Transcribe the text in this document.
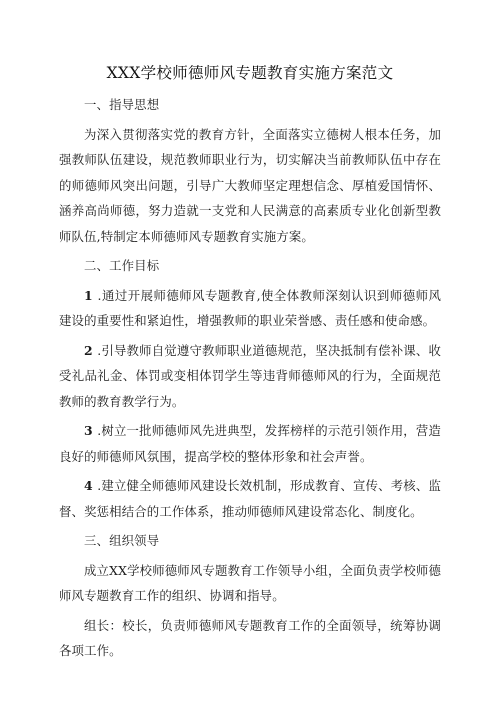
XXX学校师德师风专题教育实施方案范文
一、指导思想

为深入贯彻落实党的教育方针，全面落实立德树人根本任务，加强教师队伍建设，规范教师职业行为，切实解决当前教师队伍中存在的师德师风突出问题，引导广大教师坚定理想信念、厚植爱国情怀、涵养高尚师德，努力造就一支党和人民满意的高素质专业化创新型教师队伍,特制定本师德师风专题教育实施方案。

二、工作目标

1 .通过开展师德师风专题教育,使全体教师深刻认识到师德师风建设的重要性和紧迫性，增强教师的职业荣誉感、责任感和使命感。

2 .引导教师自觉遵守教师职业道德规范，坚决抵制有偿补课、收受礼品礼金、体罚或变相体罚学生等违背师德师风的行为，全面规范教师的教育教学行为。

3 .树立一批师德师风先进典型，发挥榜样的示范引领作用，营造良好的师德师风氛围，提高学校的整体形象和社会声誉。

4 .建立健全师德师风建设长效机制，形成教育、宣传、考核、监督、奖惩相结合的工作体系，推动师德师风建设常态化、制度化。

三、组织领导

成立XX学校师德师风专题教育工作领导小组，全面负责学校师德师风专题教育工作的组织、协调和指导。

组长：校长，负责师德师风专题教育工作的全面领导，统筹协调各项工作。
